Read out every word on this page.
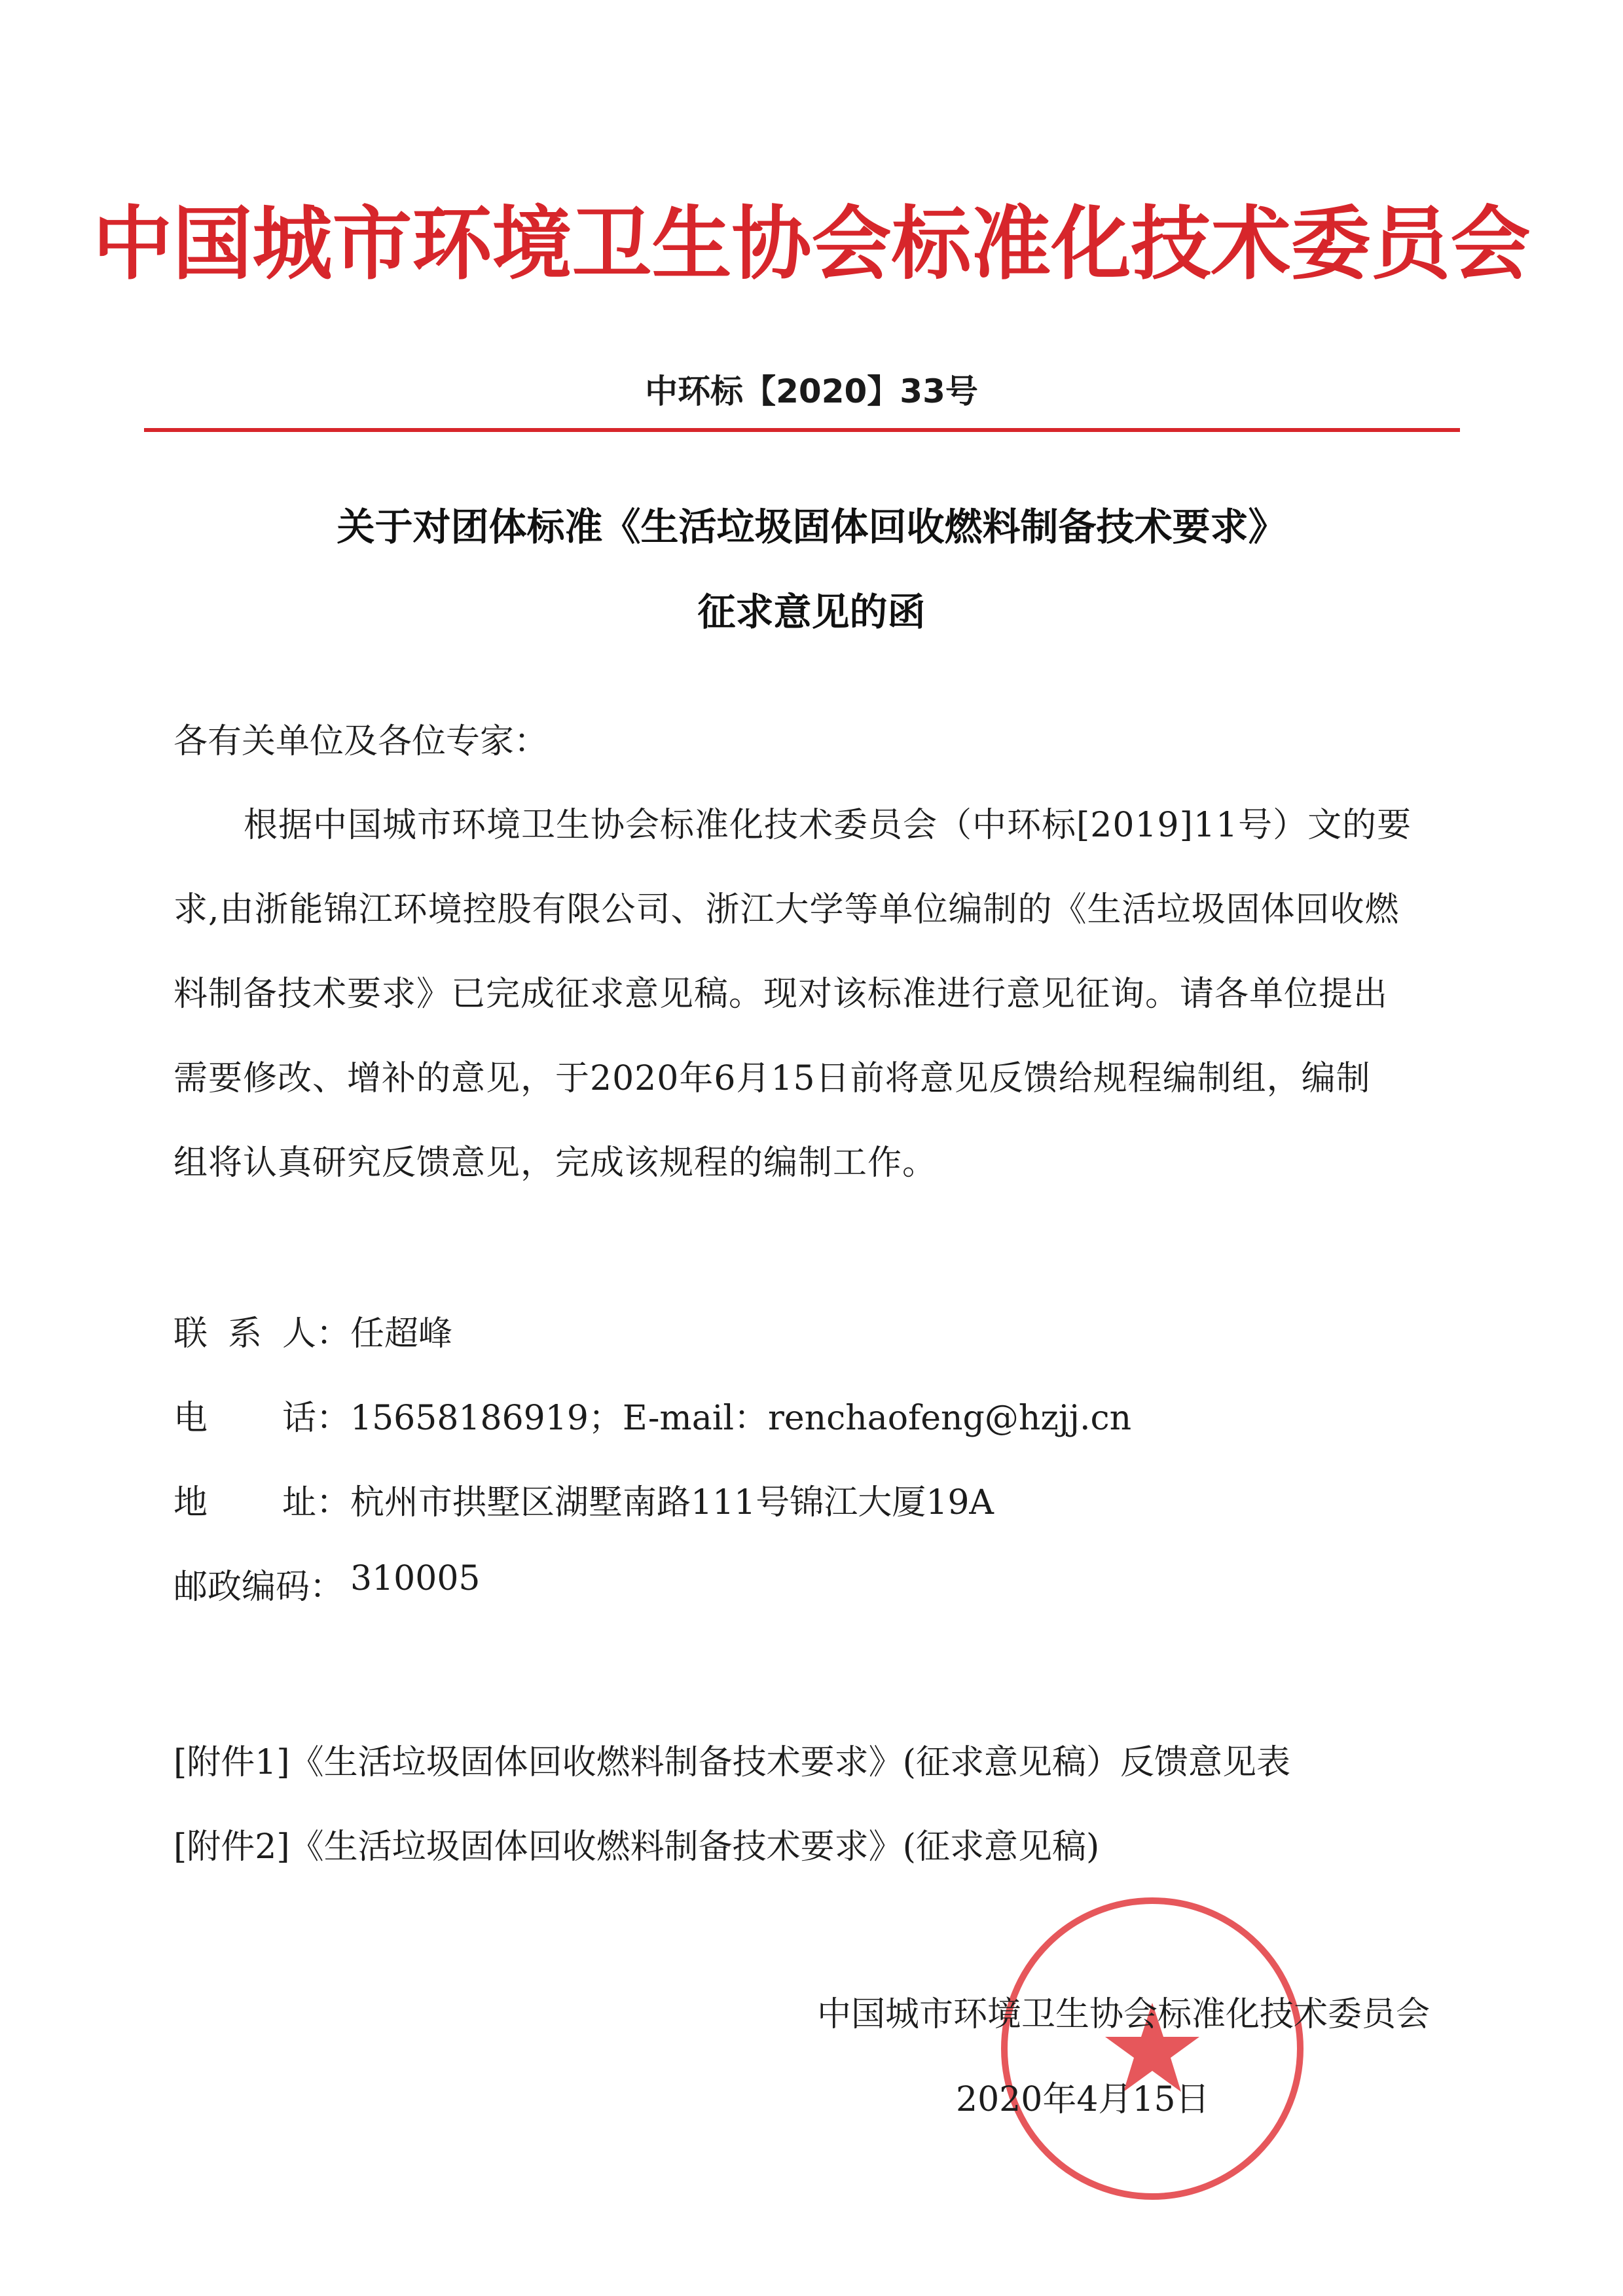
中国城市环境卫生协会标准化技术委员会
中环标【2020】33号
关于对团体标准《生活垃圾固体回收燃料制备技术要求》
征求意见的函
各有关单位及各位专家：
根据中国城市环境卫生协会标准化技术委员会（中环标[2019]11号）文的要
求,由浙能锦江环境控股有限公司、浙江大学等单位编制的《生活垃圾固体回收燃
料制备技术要求》已完成征求意见稿。现对该标准进行意见征询。请各单位提出
需要修改、增补的意见，于2020年6月15日前将意见反馈给规程编制组，编制
组将认真研究反馈意见，完成该规程的编制工作。
联 系 人： 任超峰
电 话： 15658186919；E-mail：renchaofeng@hzjj.cn
地 址： 杭州市拱墅区湖墅南路111号锦江大厦19A
邮政编码： 310005
[附件1]《生活垃圾固体回收燃料制备技术要求》(征求意见稿）反馈意见表
[附件2]《生活垃圾固体回收燃料制备技术要求》(征求意见稿)
中国城市环境卫生协会标准化技术委员会
2020年4月15日
